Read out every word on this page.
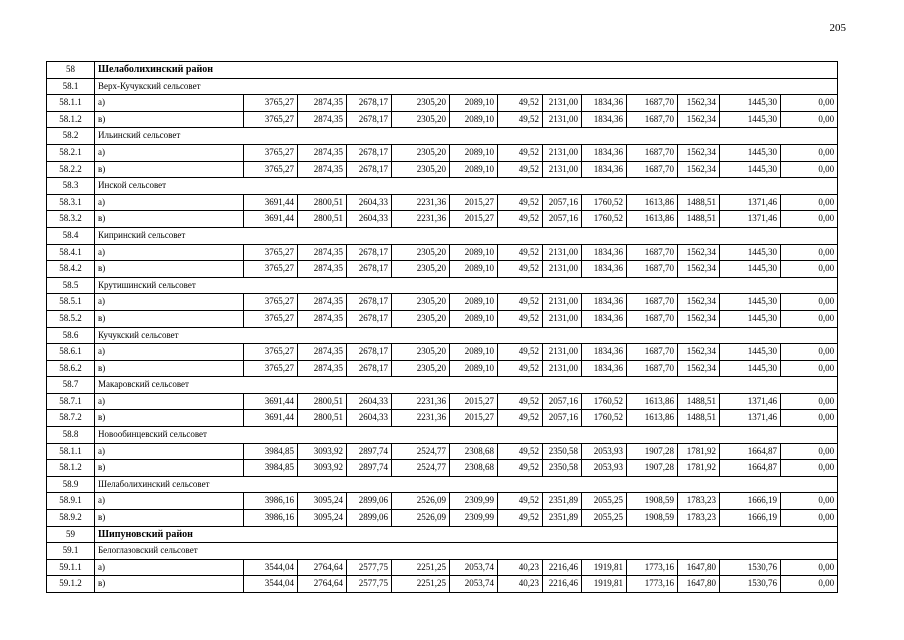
205
58	Шелаболихинский район												
58.1	Верх-Кучукский сельсовет												
58.1.1	а)	3765,27	2874,35	2678,17	2305,20	2089,10	49,52	2131,00	1834,36	1687,70	1562,34	1445,30	0,00
58.1.2	в)	3765,27	2874,35	2678,17	2305,20	2089,10	49,52	2131,00	1834,36	1687,70	1562,34	1445,30	0,00
58.2	Ильинский сельсовет												
58.2.1	а)	3765,27	2874,35	2678,17	2305,20	2089,10	49,52	2131,00	1834,36	1687,70	1562,34	1445,30	0,00
58.2.2	в)	3765,27	2874,35	2678,17	2305,20	2089,10	49,52	2131,00	1834,36	1687,70	1562,34	1445,30	0,00
58.3	Инской сельсовет												
58.3.1	а)	3691,44	2800,51	2604,33	2231,36	2015,27	49,52	2057,16	1760,52	1613,86	1488,51	1371,46	0,00
58.3.2	в)	3691,44	2800,51	2604,33	2231,36	2015,27	49,52	2057,16	1760,52	1613,86	1488,51	1371,46	0,00
58.4	Кипринский сельсовет												
58.4.1	а)	3765,27	2874,35	2678,17	2305,20	2089,10	49,52	2131,00	1834,36	1687,70	1562,34	1445,30	0,00
58.4.2	в)	3765,27	2874,35	2678,17	2305,20	2089,10	49,52	2131,00	1834,36	1687,70	1562,34	1445,30	0,00
58.5	Крутишинский сельсовет												
58.5.1	а)	3765,27	2874,35	2678,17	2305,20	2089,10	49,52	2131,00	1834,36	1687,70	1562,34	1445,30	0,00
58.5.2	в)	3765,27	2874,35	2678,17	2305,20	2089,10	49,52	2131,00	1834,36	1687,70	1562,34	1445,30	0,00
58.6	Кучукский сельсовет												
58.6.1	а)	3765,27	2874,35	2678,17	2305,20	2089,10	49,52	2131,00	1834,36	1687,70	1562,34	1445,30	0,00
58.6.2	в)	3765,27	2874,35	2678,17	2305,20	2089,10	49,52	2131,00	1834,36	1687,70	1562,34	1445,30	0,00
58.7	Макаровский сельсовет												
58.7.1	а)	3691,44	2800,51	2604,33	2231,36	2015,27	49,52	2057,16	1760,52	1613,86	1488,51	1371,46	0,00
58.7.2	в)	3691,44	2800,51	2604,33	2231,36	2015,27	49,52	2057,16	1760,52	1613,86	1488,51	1371,46	0,00
58.8	Новообинцевский сельсовет												
58.1.1	а)	3984,85	3093,92	2897,74	2524,77	2308,68	49,52	2350,58	2053,93	1907,28	1781,92	1664,87	0,00
58.1.2	в)	3984,85	3093,92	2897,74	2524,77	2308,68	49,52	2350,58	2053,93	1907,28	1781,92	1664,87	0,00
58.9	Шелаболихинский сельсовет												
58.9.1	а)	3986,16	3095,24	2899,06	2526,09	2309,99	49,52	2351,89	2055,25	1908,59	1783,23	1666,19	0,00
58.9.2	в)	3986,16	3095,24	2899,06	2526,09	2309,99	49,52	2351,89	2055,25	1908,59	1783,23	1666,19	0,00
59	Шипуновский район												
59.1	Белоглазовский сельсовет												
59.1.1	а)	3544,04	2764,64	2577,75	2251,25	2053,74	40,23	2216,46	1919,81	1773,16	1647,80	1530,76	0,00
59.1.2	в)	3544,04	2764,64	2577,75	2251,25	2053,74	40,23	2216,46	1919,81	1773,16	1647,80	1530,76	0,00
